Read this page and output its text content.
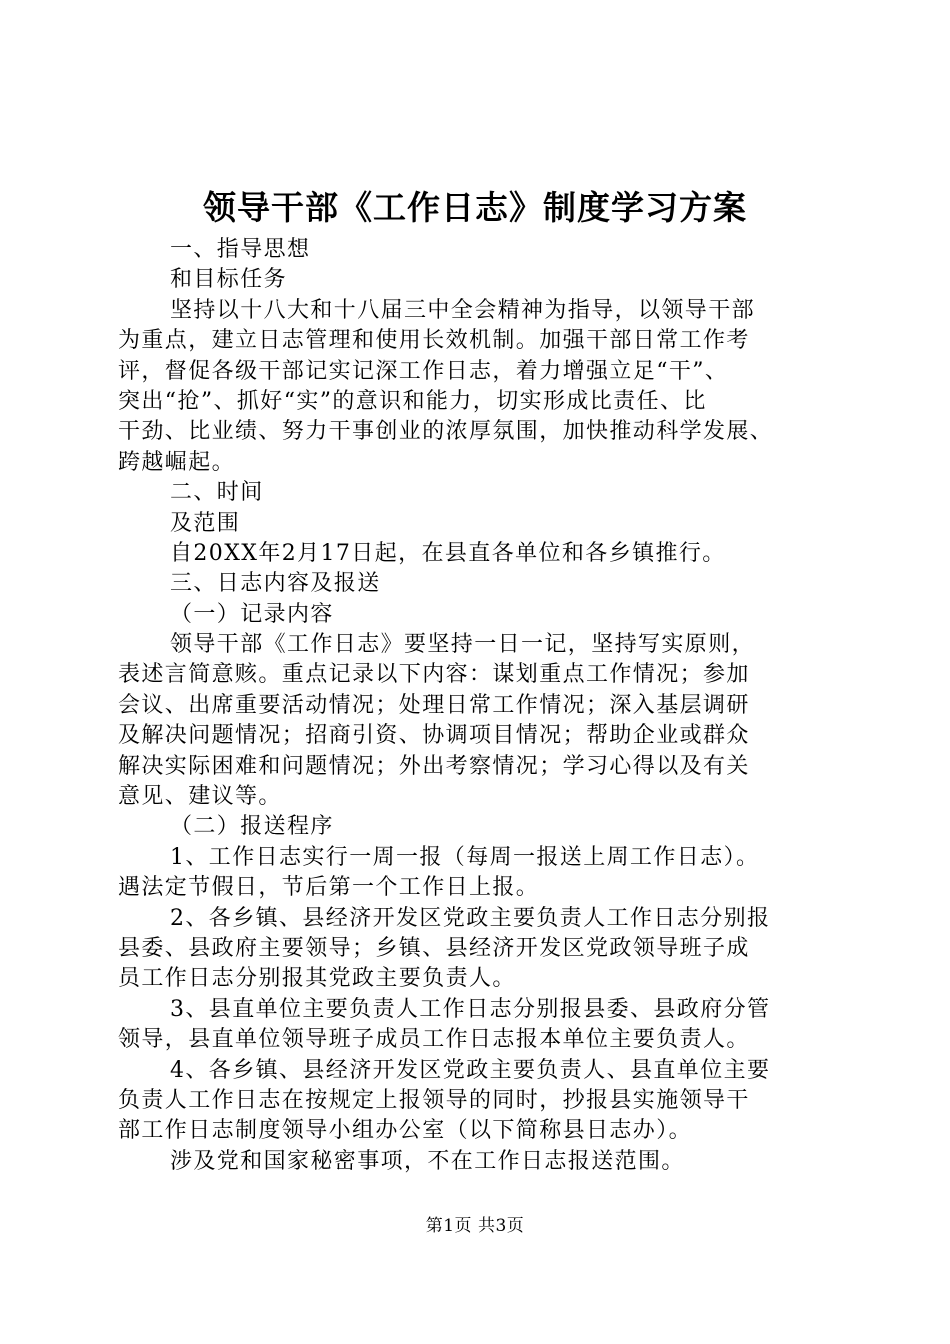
领导干部《工作日志》制度学习方案
一、指导思想
和目标任务
坚持以十八大和十八届三中全会精神为指导，以领导干部
为重点，建立日志管理和使用长效机制。加强干部日常工作考
评，督促各级干部记实记深工作日志，着力增强立足“干”、
突出“抢”、抓好“实”的意识和能力，切实形成比责任、比
干劲、比业绩、努力干事创业的浓厚氛围，加快推动科学发展、
跨越崛起。
二、时间
及范围
自20XX年2月17日起，在县直各单位和各乡镇推行。
三、日志内容及报送
（一）记录内容
领导干部《工作日志》要坚持一日一记，坚持写实原则，
表述言简意赅。重点记录以下内容：谋划重点工作情况；参加
会议、出席重要活动情况；处理日常工作情况；深入基层调研
及解决问题情况；招商引资、协调项目情况；帮助企业或群众
解决实际困难和问题情况；外出考察情况；学习心得以及有关
意见、建议等。
（二）报送程序
1、工作日志实行一周一报（每周一报送上周工作日志）。
遇法定节假日，节后第一个工作日上报。
2、各乡镇、县经济开发区党政主要负责人工作日志分别报
县委、县政府主要领导；乡镇、县经济开发区党政领导班子成
员工作日志分别报其党政主要负责人。
3、县直单位主要负责人工作日志分别报县委、县政府分管
领导，县直单位领导班子成员工作日志报本单位主要负责人。
4、各乡镇、县经济开发区党政主要负责人、县直单位主要
负责人工作日志在按规定上报领导的同时，抄报县实施领导干
部工作日志制度领导小组办公室（以下简称县日志办）。
涉及党和国家秘密事项，不在工作日志报送范围。
第1页 共3页
